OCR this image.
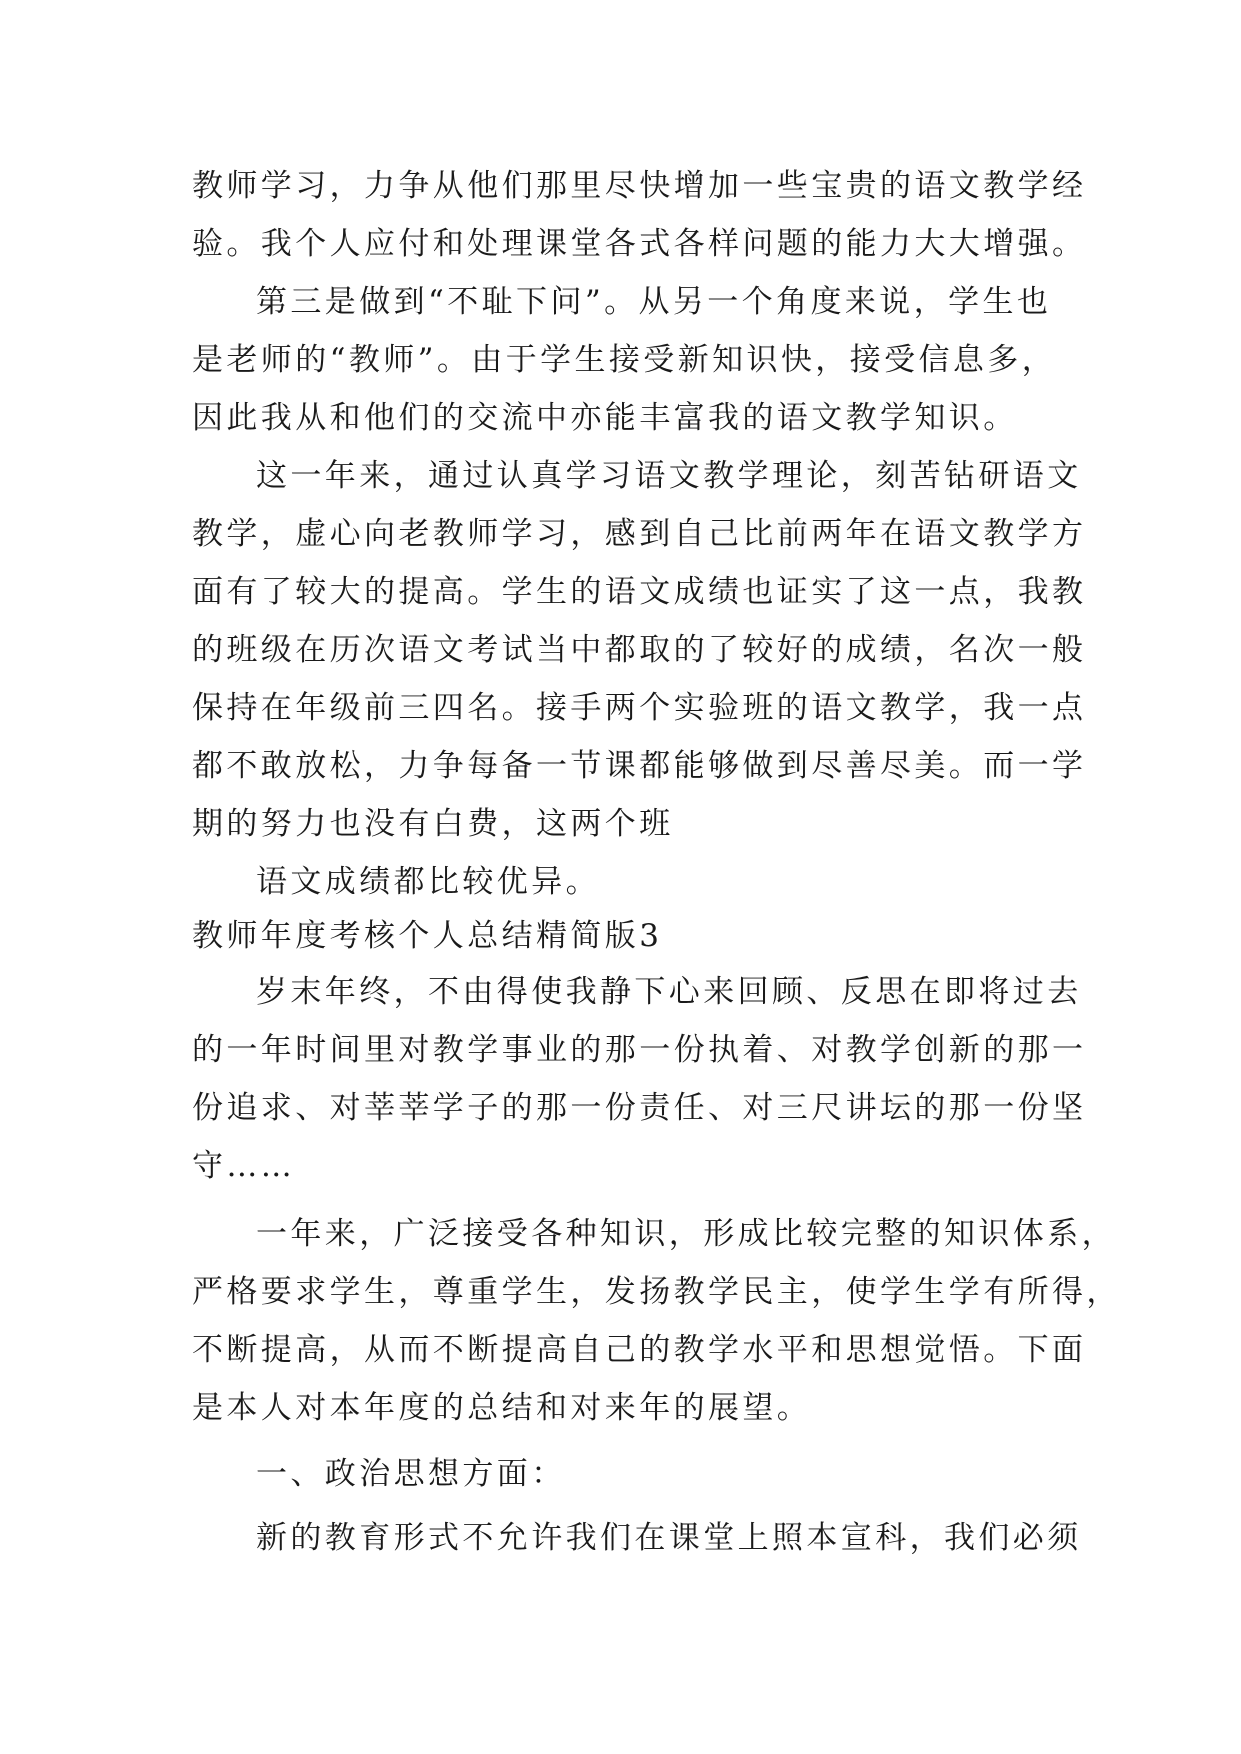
教师学习，力争从他们那里尽快增加一些宝贵的语文教学经
验。我个人应付和处理课堂各式各样问题的能力大大增强。
第三是做到“不耻下问”。从另一个角度来说，学生也
是老师的“教师”。由于学生接受新知识快，接受信息多，
因此我从和他们的交流中亦能丰富我的语文教学知识。
这一年来，通过认真学习语文教学理论，刻苦钻研语文
教学，虚心向老教师学习，感到自己比前两年在语文教学方
面有了较大的提高。学生的语文成绩也证实了这一点，我教
的班级在历次语文考试当中都取的了较好的成绩，名次一般
保持在年级前三四名。接手两个实验班的语文教学，我一点
都不敢放松，力争每备一节课都能够做到尽善尽美。而一学
期的努力也没有白费，这两个班
语文成绩都比较优异。
教师年度考核个人总结精简版3
岁末年终，不由得使我静下心来回顾、反思在即将过去
的一年时间里对教学事业的那一份执着、对教学创新的那一
份追求、对莘莘学子的那一份责任、对三尺讲坛的那一份坚
守……
一年来，广泛接受各种知识，形成比较完整的知识体系，
严格要求学生，尊重学生，发扬教学民主，使学生学有所得，
不断提高，从而不断提高自己的教学水平和思想觉悟。下面
是本人对本年度的总结和对来年的展望。
一、政治思想方面：
新的教育形式不允许我们在课堂上照本宣科，我们必须
